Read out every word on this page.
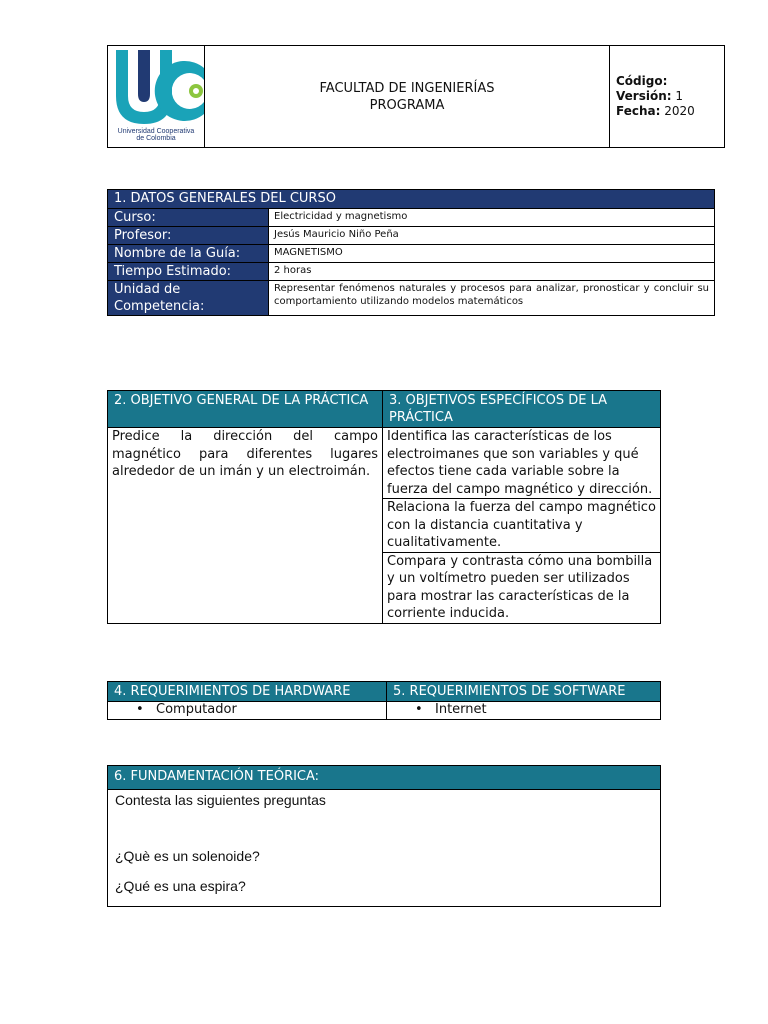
Universidad Cooperativa
de Colombia

FACULTAD DE INGENIERÍAS
PROGRAMA

Código:
Versión: 1
Fecha: 2020
1. DATOS GENERALES DEL CURSO	
Curso:	Electricidad y magnetismo
Profesor:	Jesús Mauricio Niño Peña
Nombre de la Guía:	MAGNETISMO
Tiempo Estimado:	2 horas
Unidad de Competencia:	Representar fenómenos naturales y procesos para analizar, pronosticar y concluir su comportamiento utilizando modelos matemáticos
2. OBJETIVO GENERAL DE LA PRÁCTICA	3. OBJETIVOS ESPECÍFICOS DE LA PRÁCTICA
Predice la dirección del campo magnético para diferentes lugares alrededor de un imán y un electroimán.	Identifica las características de los electroimanes que son variables y qué efectos tiene cada variable sobre la fuerza del campo magnético y dirección.
	Relaciona la fuerza del campo magnético con la distancia cuantitativa y cualitativamente.
	Compara y contrasta cómo una bombilla y un voltímetro pueden ser utilizados para mostrar las características de la corriente inducida.
4. REQUERIMIENTOS DE HARDWARE	5. REQUERIMIENTOS DE SOFTWARE
• Computador	• Internet
6. FUNDAMENTACIÓN TEÓRICA:

Contesta las siguientes preguntas

¿Què es un solenoide?

¿Qué es una espira?
